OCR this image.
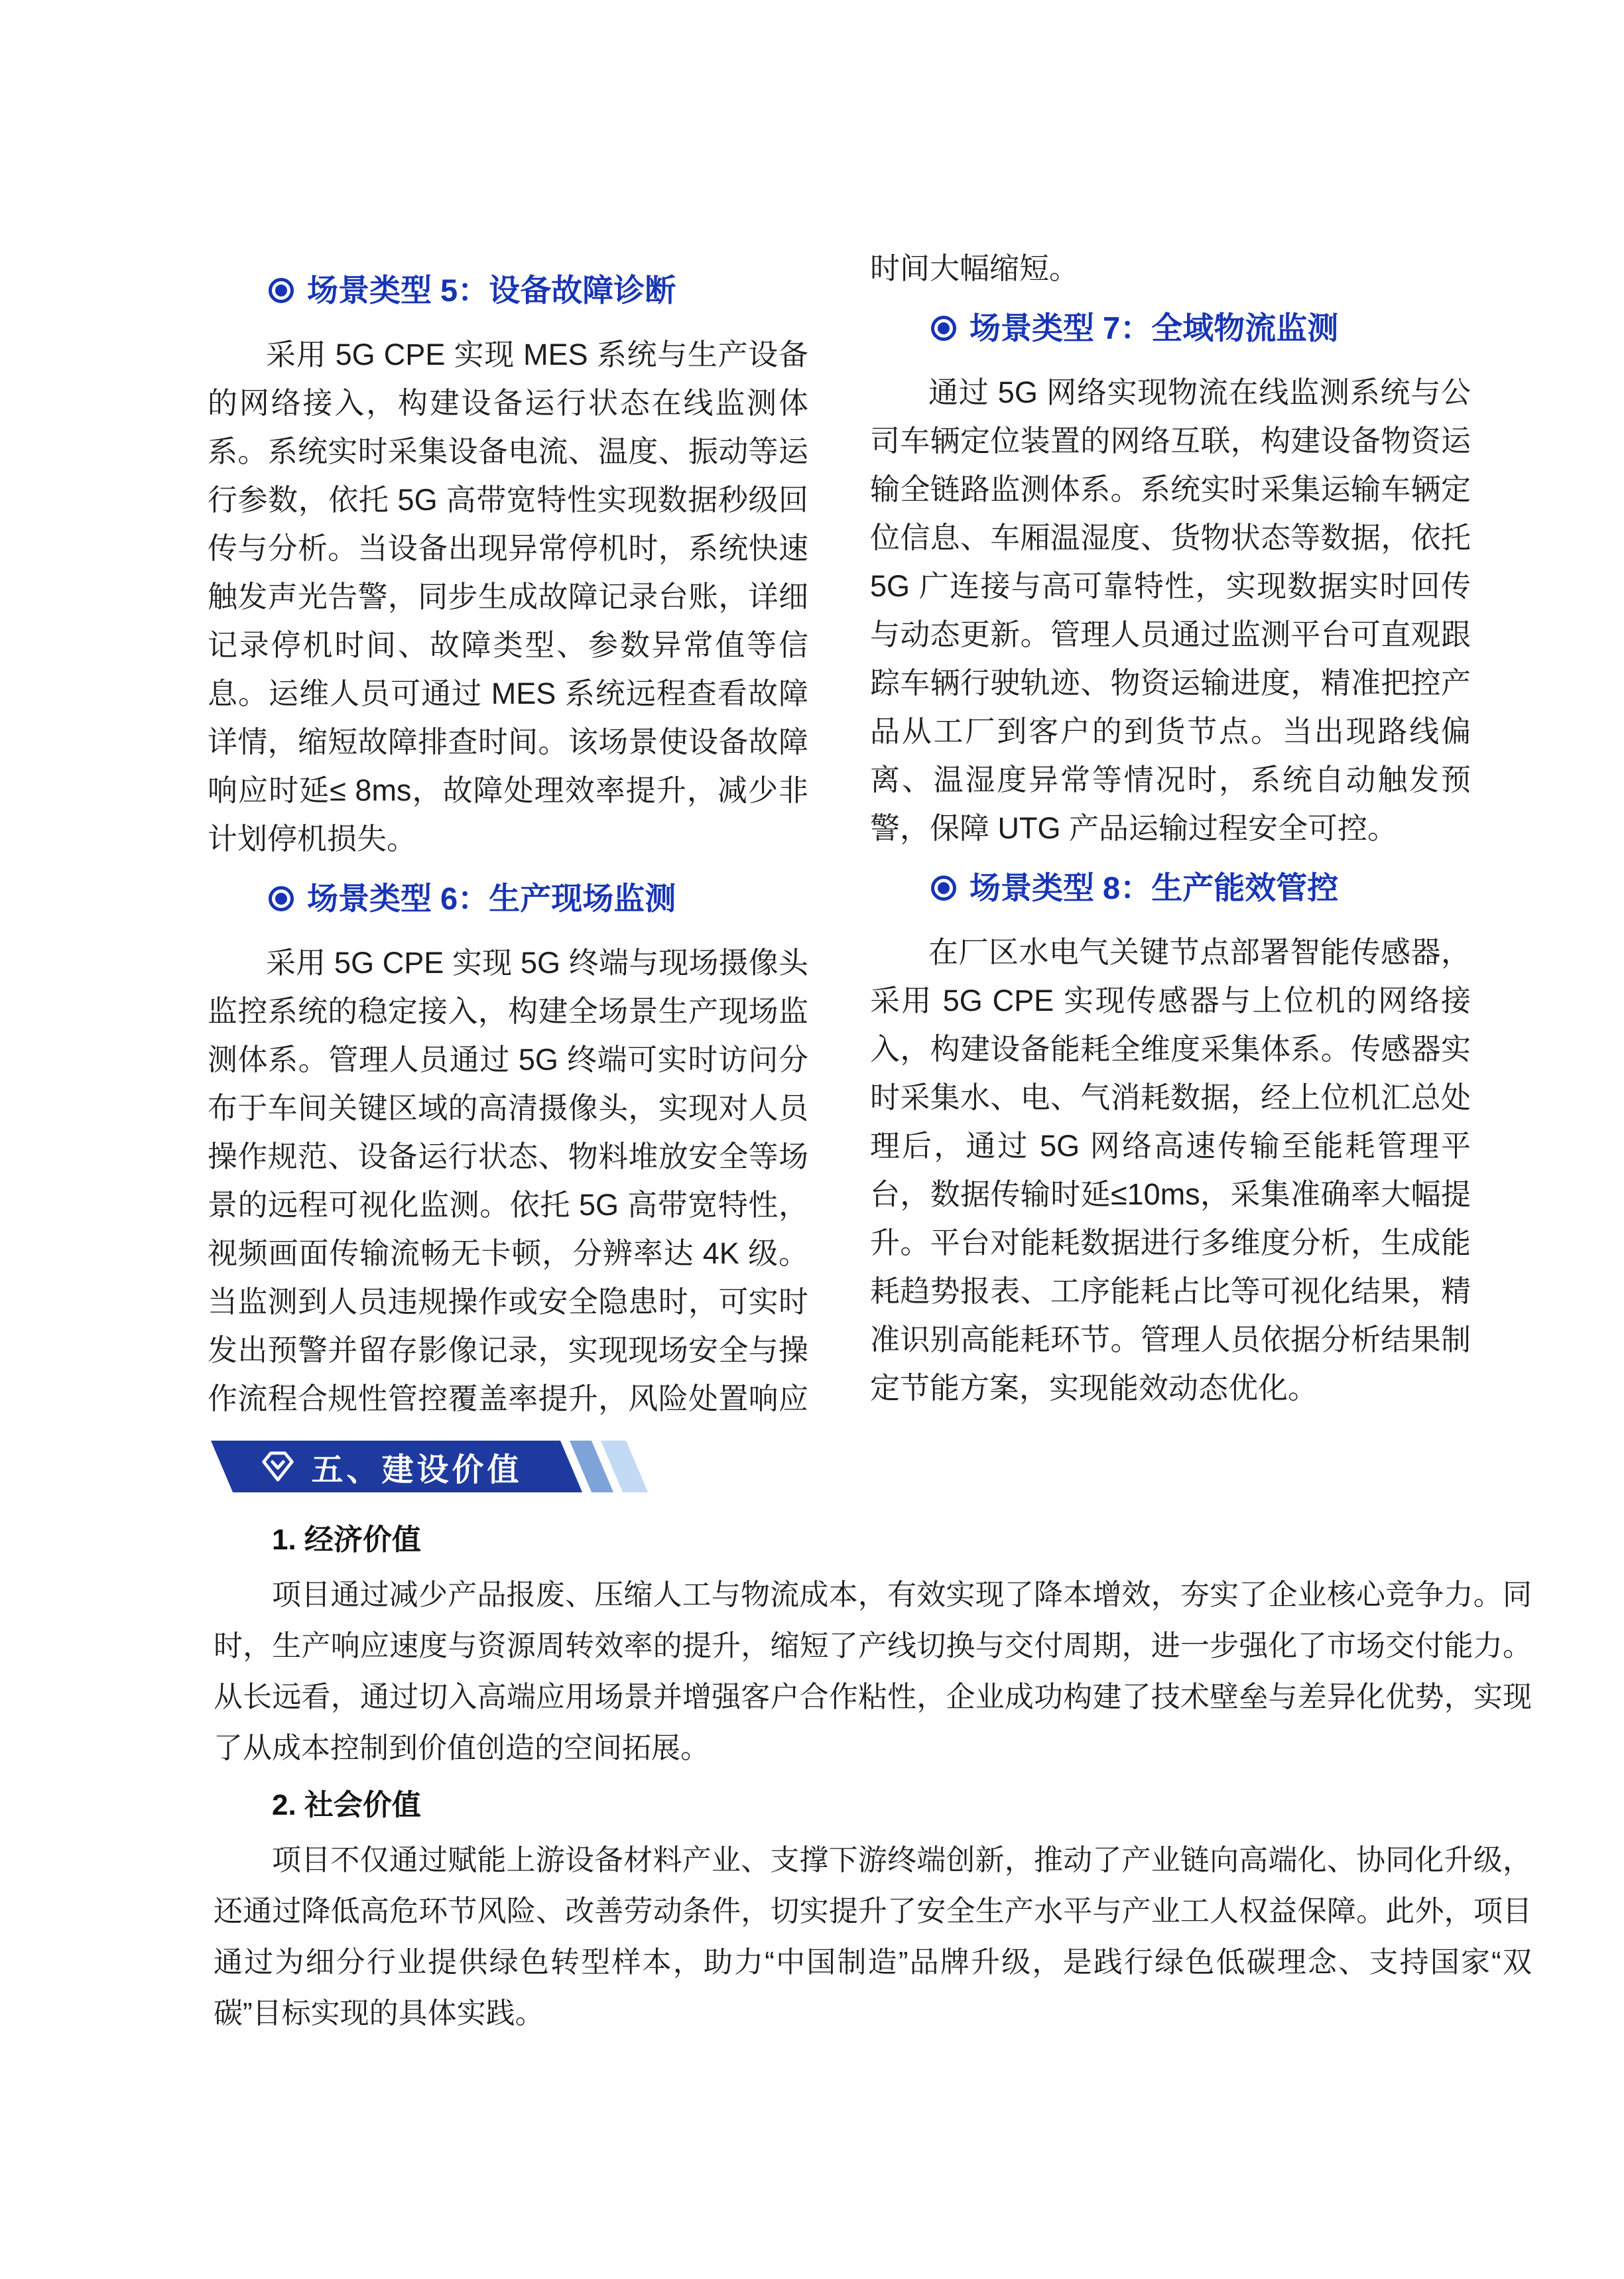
场景类型 5：设备故障诊断

采用 5G CPE 实现 MES 系统与生产设备的网络接入，构建设备运行状态在线监测体系。系统实时采集设备电流、温度、振动等运行参数，依托 5G 高带宽特性实现数据秒级回传与分析。当设备出现异常停机时，系统快速触发声光告警，同步生成故障记录台账，详细记录停机时间、故障类型、参数异常值等信息。运维人员可通过 MES 系统远程查看故障详情，缩短故障排查时间。该场景使设备故障响应时延≤ 8ms，故障处理效率提升，减少非计划停机损失。

场景类型 6：生产现场监测

采用 5G CPE 实现 5G 终端与现场摄像头监控系统的稳定接入，构建全场景生产现场监测体系。管理人员通过 5G 终端可实时访问分布于车间关键区域的高清摄像头，实现对人员操作规范、设备运行状态、物料堆放安全等场景的远程可视化监测。依托 5G 高带宽特性，视频画面传输流畅无卡顿，分辨率达 4K 级。当监测到人员违规操作或安全隐患时，可实时发出预警并留存影像记录，实现现场安全与操作流程合规性管控覆盖率提升，风险处置响应

时间大幅缩短。

场景类型 7：全域物流监测

通过 5G 网络实现物流在线监测系统与公司车辆定位装置的网络互联，构建设备物资运输全链路监测体系。系统实时采集运输车辆定位信息、车厢温湿度、货物状态等数据，依托 5G 广连接与高可靠特性，实现数据实时回传与动态更新。管理人员通过监测平台可直观跟踪车辆行驶轨迹、物资运输进度，精准把控产品从工厂到客户的到货节点。当出现路线偏离、温湿度异常等情况时，系统自动触发预警，保障 UTG 产品运输过程安全可控。

场景类型 8：生产能效管控

在厂区水电气关键节点部署智能传感器，采用 5G CPE 实现传感器与上位机的网络接入，构建设备能耗全维度采集体系。传感器实时采集水、电、气消耗数据，经上位机汇总处理后，通过 5G 网络高速传输至能耗管理平台，数据传输时延≤10ms，采集准确率大幅提升。平台对能耗数据进行多维度分析，生成能耗趋势报表、工序能耗占比等可视化结果，精准识别高能耗环节。管理人员依据分析结果制定节能方案，实现能效动态优化。

五、建设价值
1. 经济价值

项目通过减少产品报废、压缩人工与物流成本，有效实现了降本增效，夯实了企业核心竞争力。同时，生产响应速度与资源周转效率的提升，缩短了产线切换与交付周期，进一步强化了市场交付能力。从长远看，通过切入高端应用场景并增强客户合作粘性，企业成功构建了技术壁垒与差异化优势，实现了从成本控制到价值创造的空间拓展。

2. 社会价值

项目不仅通过赋能上游设备材料产业、支撑下游终端创新，推动了产业链向高端化、协同化升级，还通过降低高危环节风险、改善劳动条件，切实提升了安全生产水平与产业工人权益保障。此外，项目通过为细分行业提供绿色转型样本，助力“中国制造”品牌升级，是践行绿色低碳理念、支持国家“双碳”目标实现的具体实践。
